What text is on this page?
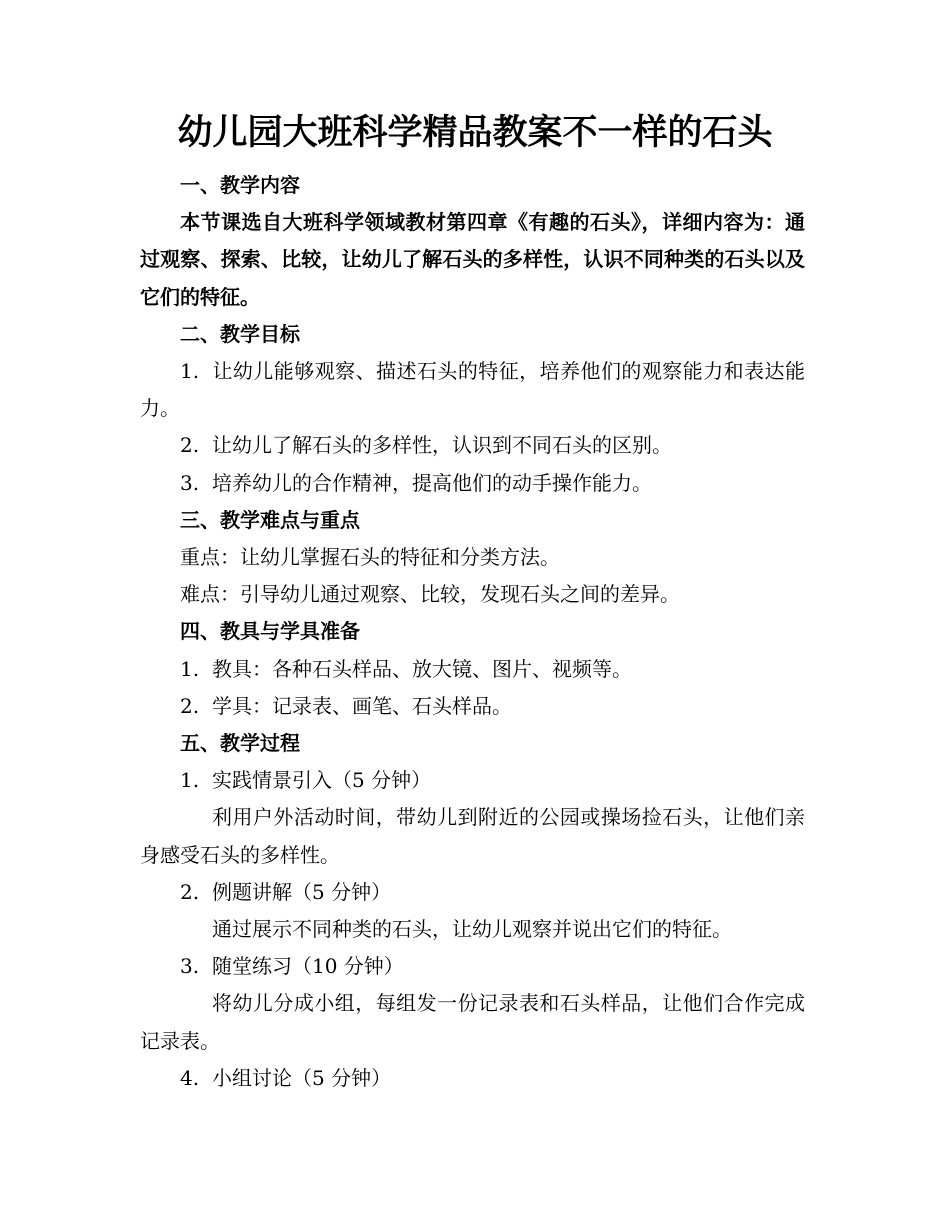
幼儿园大班科学精品教案不一样的石头

一、教学内容

本节课选自大班科学领域教材第四章《有趣的石头》，详细内容为：通过观察、探索、比较，让幼儿了解石头的多样性，认识不同种类的石头以及它们的特征。

二、教学目标

1. 让幼儿能够观察、描述石头的特征，培养他们的观察能力和表达能力。

2. 让幼儿了解石头的多样性，认识到不同石头的区别。

3. 培养幼儿的合作精神，提高他们的动手操作能力。

三、教学难点与重点

重点：让幼儿掌握石头的特征和分类方法。

难点：引导幼儿通过观察、比较，发现石头之间的差异。

四、教具与学具准备

1. 教具：各种石头样品、放大镜、图片、视频等。

2. 学具：记录表、画笔、石头样品。

五、教学过程

1. 实践情景引入（5 分钟）

利用户外活动时间，带幼儿到附近的公园或操场捡石头，让他们亲身感受石头的多样性。

2. 例题讲解（5 分钟）

通过展示不同种类的石头，让幼儿观察并说出它们的特征。

3. 随堂练习（10 分钟）

将幼儿分成小组，每组发一份记录表和石头样品，让他们合作完成记录表。

4. 小组讨论（5 分钟）
